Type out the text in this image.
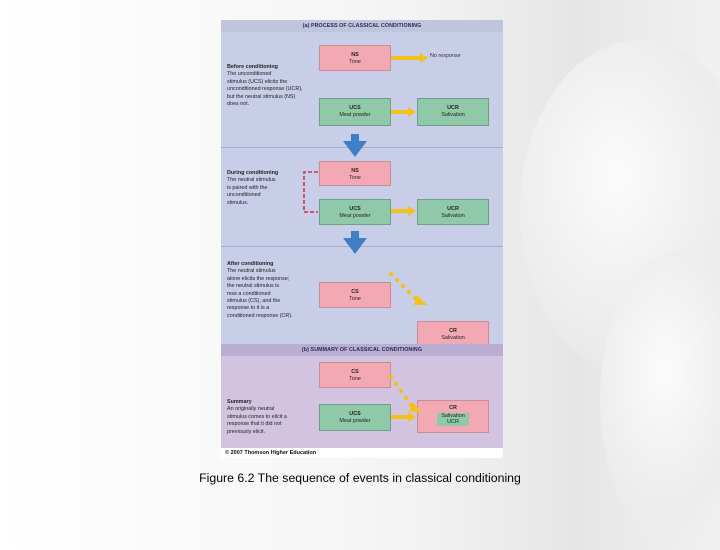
(a) PROCESS OF CLASSICAL CONDITIONING
Before conditioning
The unconditioned
stimulus (UCS) elicits the
unconditioned response (UCR),
but the neutral stimulus (NS)
does not.
NS
Tone
No response
UCS
Meat powder
UCR
Salivation
During conditioning
The neutral stimulus
is paired with the
unconditioned
stimulus.
NS
Tone
UCS
Meat powder
UCR
Salivation
After conditioning
The neutral stimulus
alone elicits the response;
the neutral stimulus is
now a conditioned
stimulus (CS), and the
response to it is a
conditioned response (CR).
CS
Tone
CR
Salivation
(b) SUMMARY OF CLASSICAL CONDITIONING
Summary
An originally neutral
stimulus comes to elicit a
response that it did not
previously elicit.
CS
Tone
UCS
Meat powder
CR
Salivation
UCR
© 2007 Thomson Higher Education
Figure 6.2 The sequence of events in classical conditioning
